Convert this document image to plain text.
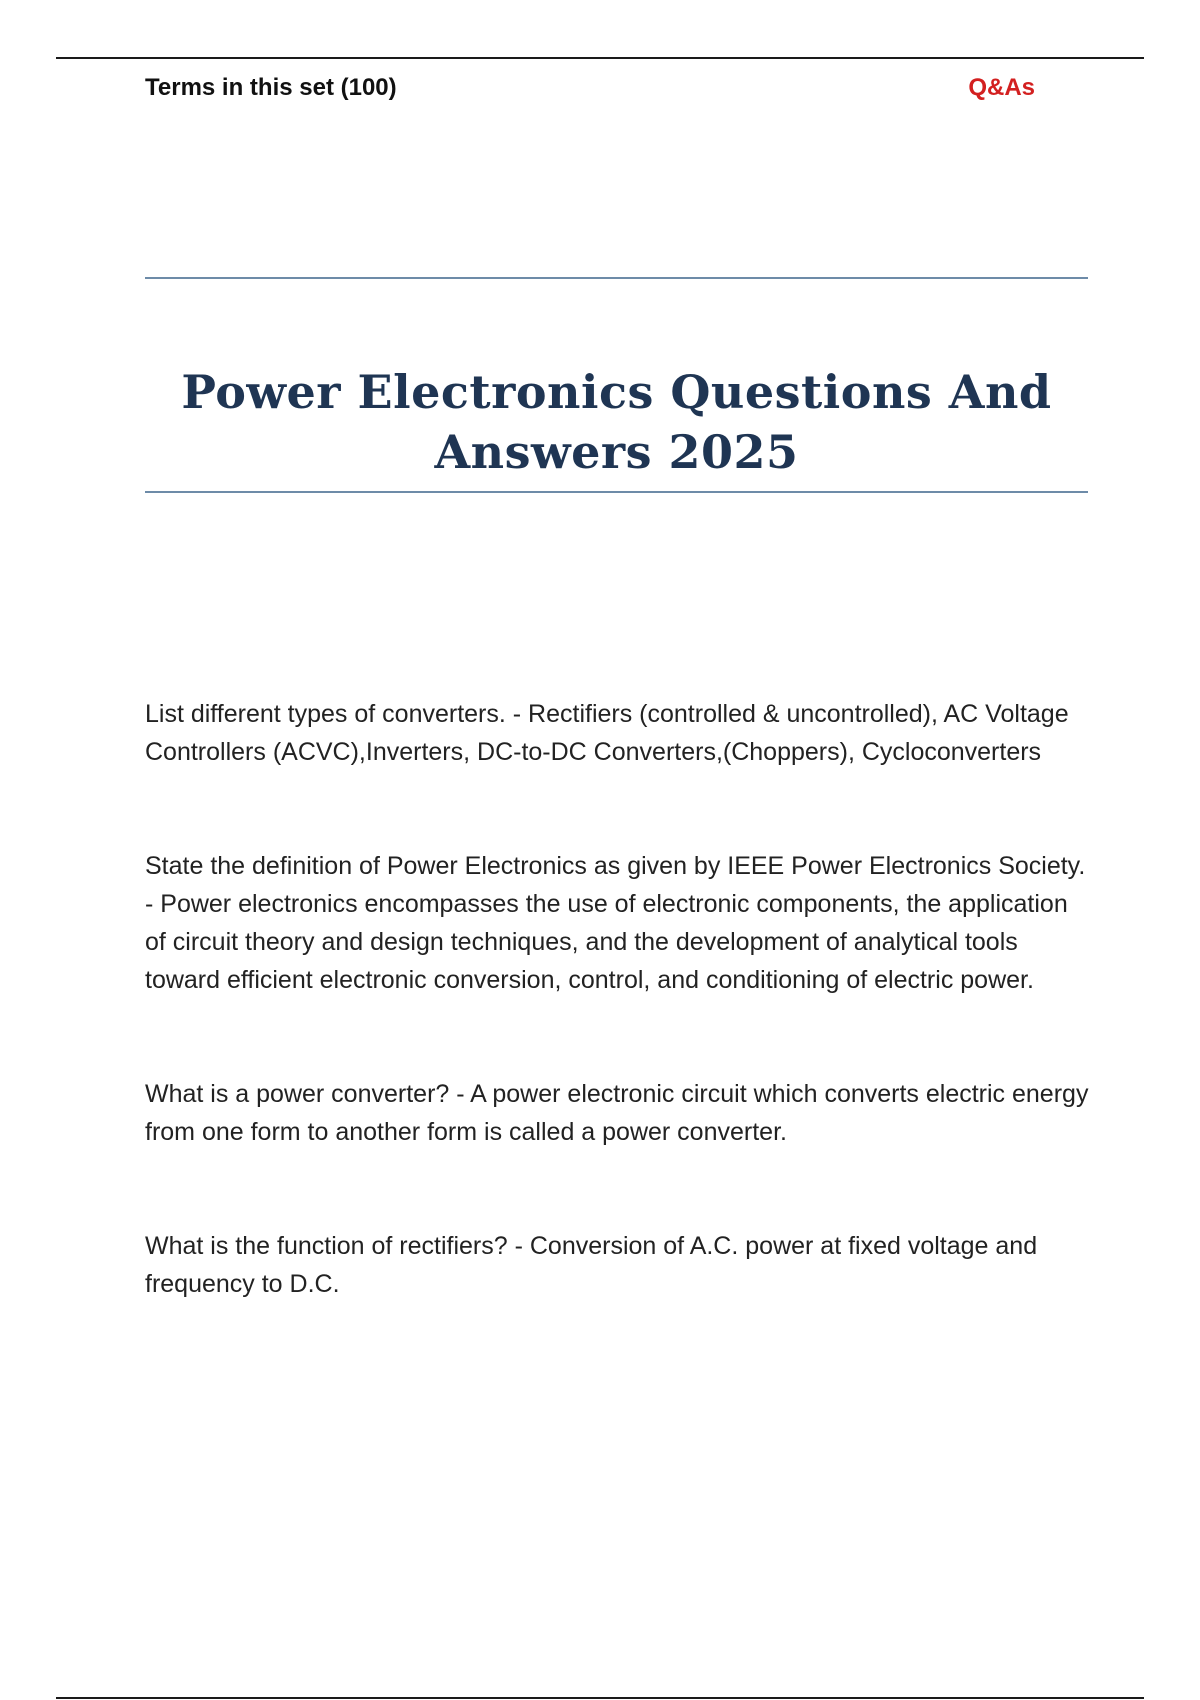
Terms in this set (100)	Q&As
Power Electronics Questions And Answers 2025

List different types of converters. - Rectifiers (controlled & uncontrolled), AC Voltage Controllers (ACVC),Inverters, DC-to-DC Converters,(Choppers), Cycloconverters

State the definition of Power Electronics as given by IEEE Power Electronics Society. - Power electronics encompasses the use of electronic components, the application of circuit theory and design techniques, and the development of analytical tools toward efficient electronic conversion, control, and conditioning of electric power.

What is a power converter? - A power electronic circuit which converts electric energy from one form to another form is called a power converter.

What is the function of rectifiers? - Conversion of A.C. power at fixed voltage and frequency to D.C.
